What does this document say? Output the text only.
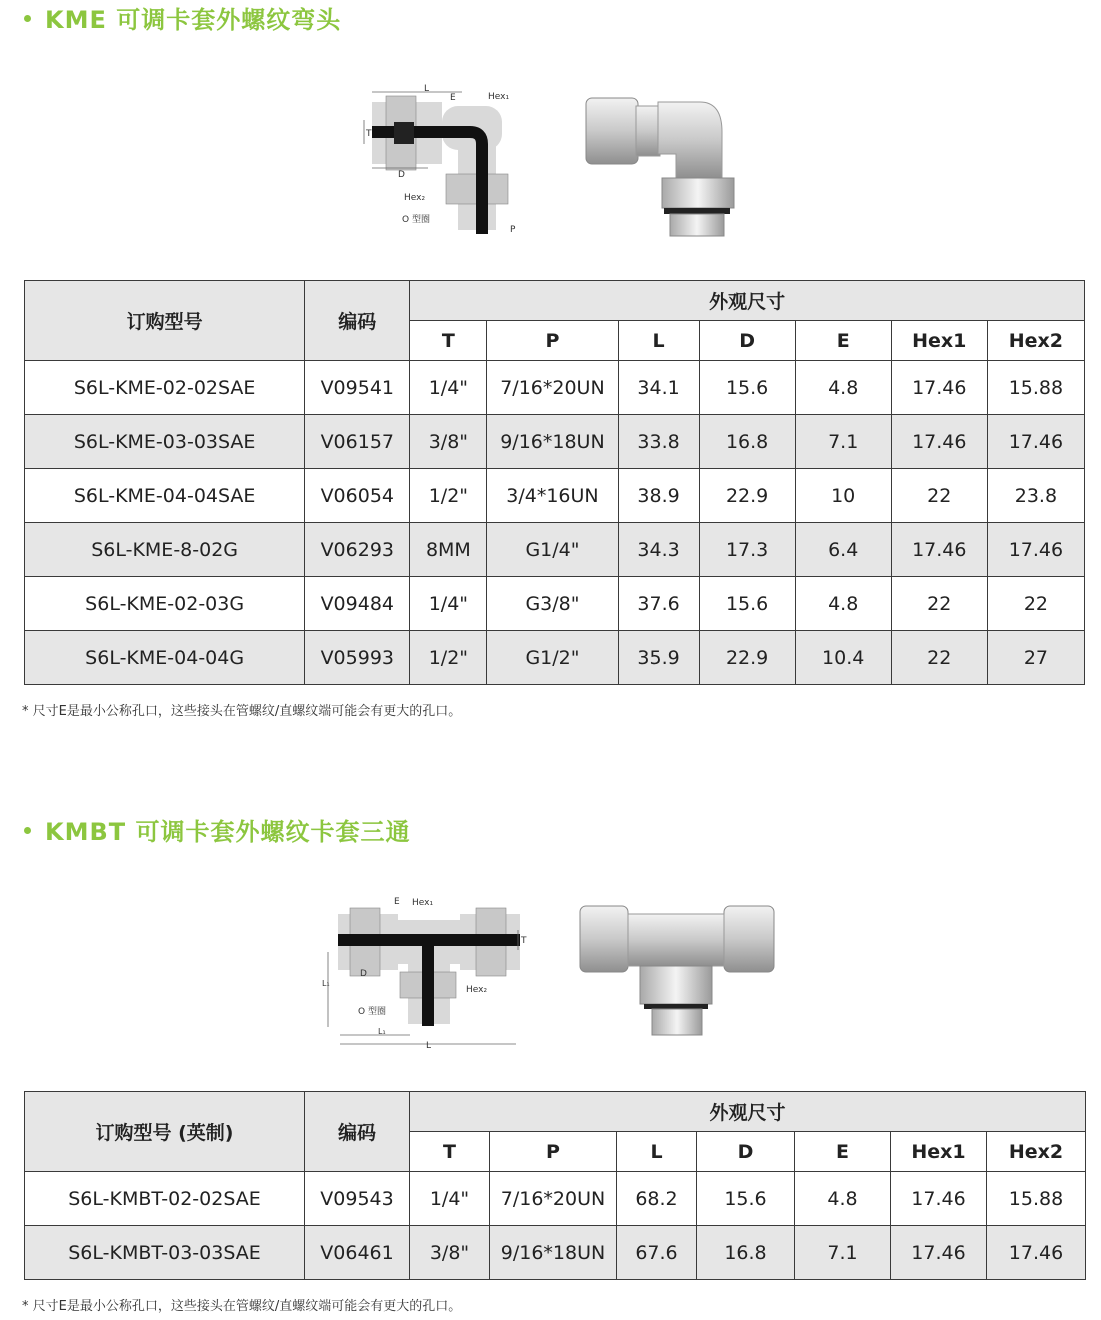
KME 可调卡套外螺纹弯头
L
E	Hex₁
T
D
Hex₂
O 型圈
P
订购型号	编码	外观尺寸						
		T	P	L	D	E	Hex1	Hex2
S6L-KME-02-02SAE	V09541	1/4"	7/16*20UN	34.1	15.6	4.8	17.46	15.88
S6L-KME-03-03SAE	V06157	3/8"	9/16*18UN	33.8	16.8	7.1	17.46	17.46
S6L-KME-04-04SAE	V06054	1/2"	3/4*16UN	38.9	22.9	10	22	23.8
S6L-KME-8-02G	V06293	8MM	G1/4"	34.3	17.3	6.4	17.46	17.46
S6L-KME-02-03G	V09484	1/4"	G3/8"	37.6	15.6	4.8	22	22
S6L-KME-04-04G	V05993	1/2"	G1/2"	35.9	22.9	10.4	22	27
* 尺寸E是最小公称孔口，这些接头在管螺纹/直螺纹端可能会有更大的孔口。
KMBT 可调卡套外螺纹卡套三通
E Hex₁
T
D
L₁
Hex₂
O 型圈
L₁
L
订购型号 (英制)	编码	外观尺寸						
		T	P	L	D	E	Hex1	Hex2
S6L-KMBT-02-02SAE	V09543	1/4"	7/16*20UN	68.2	15.6	4.8	17.46	15.88
S6L-KMBT-03-03SAE	V06461	3/8"	9/16*18UN	67.6	16.8	7.1	17.46	17.46
* 尺寸E是最小公称孔口，这些接头在管螺纹/直螺纹端可能会有更大的孔口。
